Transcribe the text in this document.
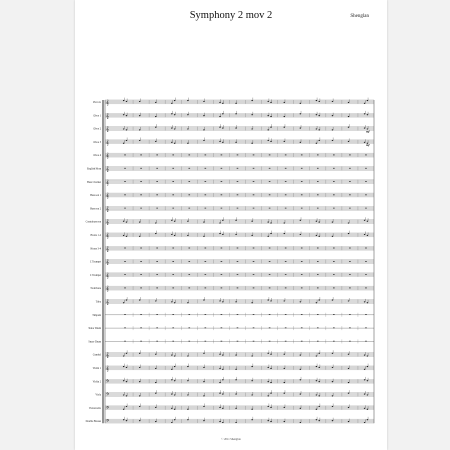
Symphony 2 mov 2	Shenglan
Piccolo 𝄞
Oboe 1 𝄞
Oboe 2 𝄞
Oboe 3 𝄞
Oboe 4 𝄞
English Horn 𝄞
Bass Clarinet 𝄞
Bassoon 1 𝄞
Bassoon 2 𝄞
Contrabassoon 𝄞
Horns 1-2 𝄞
Horns 3-4 𝄞
C Trumpet 𝄞
C Trumpet 𝄞
Trombone 𝄞
Tuba 𝄞
Timpani
Tenor Drum
Snare Drum
Cymbal 𝄞
Violin 1 𝄞
Violin 2 𝄢
Viola 𝄢
Violoncello 𝄢
Double Basses 𝄢
mf
mf
© 2011 Shenglan
